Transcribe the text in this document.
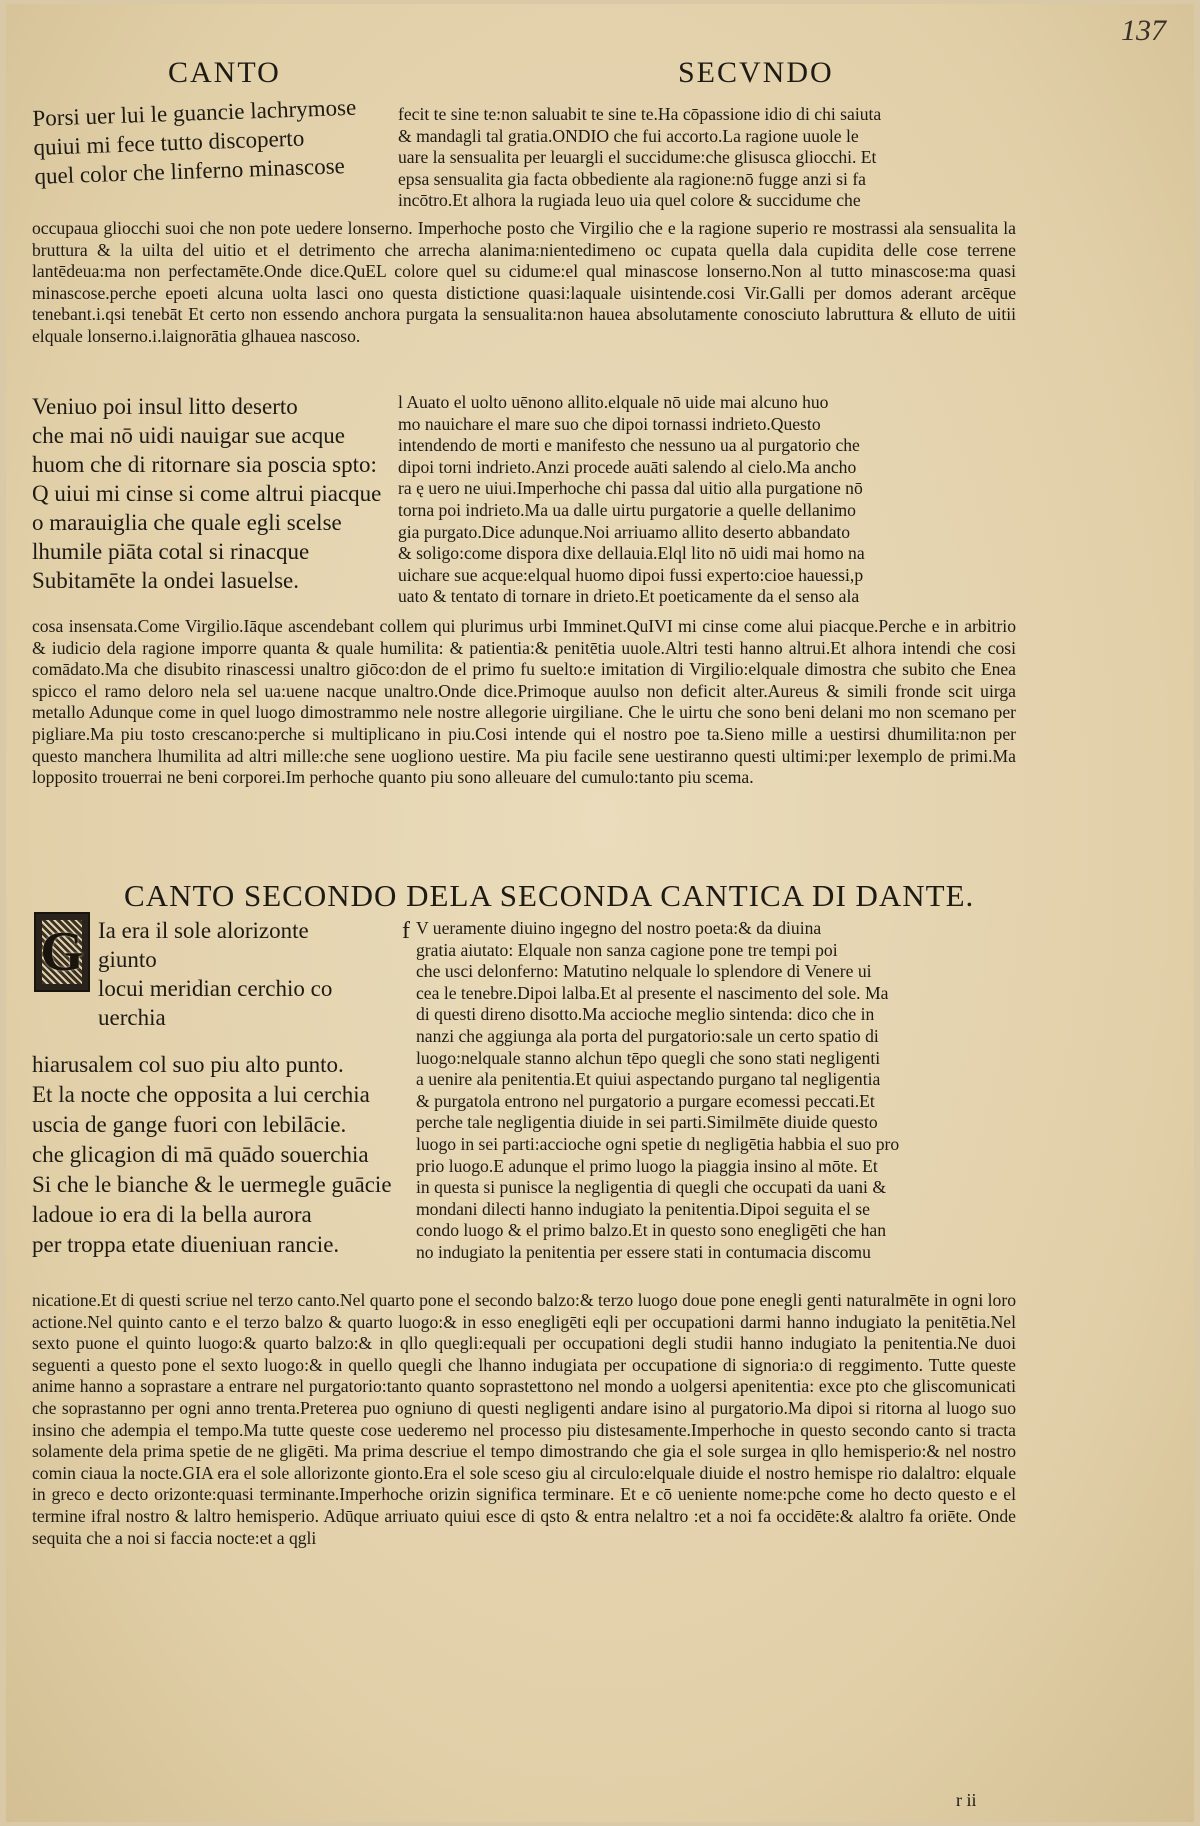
137
CANTO	SECVNDO
Porsi uer lui le guancie lachrymose
quiui mi fece tutto discoperto
quel color che linferno minascose

fecit te sine te:non saluabit te sine te.Ha cōpassione idio di chi saiuta

& mandagli tal gratia.ONDIO che fui accorto.La ragione uuole le

uare la sensualita per leuargli el succidume:che glisusca gliocchi. Et

epsa sensualita gia facta obbediente ala ragione:nō fugge anzi si fa

incōtro.Et alhora la rugiada leuo uia quel colore & succidume che

occupaua gliocchi suoi che non pote uedere lonserno. Imperhoche posto che Virgilio che e la ragione superio re mostrassi ala sensualita la bruttura & la uilta del uitio et el detrimento che arrecha alanima:nientedimeno oc cupata quella dala cupidita delle cose terrene lantēdeua:ma non perfectamēte.Onde dice.QuEL colore quel su cidume:el qual minascose lonserno.Non al tutto minascose:ma quasi minascose.perche epoeti alcuna uolta lasci ono questa distictione quasi:laquale uisintende.cosi Vir.Galli per domos aderant arcēque tenebant.i.qsi tenebāt Et certo non essendo anchora purgata la sensualita:non hauea absolutamente conosciuto labruttura & elluto de uitii elquale lonserno.i.laignorātia glhauea nascoso.

Veniuo poi insul litto deserto
che mai nō uidi nauigar sue acque
huom che di ritornare sia poscia spto:
Q uiui mi cinse si come altrui piacque
o marauiglia che quale egli scelse
lhumile piāta cotal si rinacque
Subitamēte la ondei lasuelse.

l Auato el uolto uēnono allito.elquale nō uide mai alcuno huo

mo nauichare el mare suo che dipoi tornassi indrieto.Questo

intendendo de morti e manifesto che nessuno ua al purgatorio che

dipoi torni indrieto.Anzi procede auāti salendo al cielo.Ma ancho

ra ę uero ne uiui.Imperhoche chi passa dal uitio alla purgatione nō

torna poi indrieto.Ma ua dalle uirtu purgatorie a quelle dellanimo

gia purgato.Dice adunque.Noi arriuamo allito deserto abbandato

& soligo:come dispora dixe dellauia.Elql lito nō uidi mai homo na

uichare sue acque:elqual huomo dipoi fussi experto:cioe hauessi,p

uato & tentato di tornare in drieto.Et poeticamente da el senso ala

cosa insensata.Come Virgilio.Iāque ascendebant collem qui plurimus urbi Imminet.QuIVI mi cinse come alui piacque.Perche e in arbitrio & iudicio dela ragione imporre quanta & quale humilita: & patientia:& penitētia uuole.Altri testi hanno altrui.Et alhora intendi che cosi comādato.Ma che disubito rinascessi unaltro giōco:don de el primo fu suelto:e imitation di Virgilio:elquale dimostra che subito che Enea spicco el ramo deloro nela sel ua:uene nacque unaltro.Onde dice.Primoque auulso non deficit alter.Aureus & simili fronde scit uirga metallo Adunque come in quel luogo dimostrammo nele nostre allegorie uirgiliane. Che le uirtu che sono beni delani mo non scemano per pigliare.Ma piu tosto crescano:perche si multiplicano in piu.Cosi intende qui el nostro poe ta.Sieno mille a uestirsi dhumilita:non per questo manchera lhumilita ad altri mille:che sene uogliono uestire. Ma piu facile sene uestiranno questi ultimi:per lexemplo de primi.Ma lopposito trouerrai ne beni corporei.Im perhoche quanto piu sono alleuare del cumulo:tanto piu scema.

CANTO SECONDO DELA SECONDA CANTICA DI DANTE.
G Ia era il sole alorizonte
giunto
locui meridian cerchio co
uerchia
hiarusalem col suo piu alto punto.
Et la nocte che opposita a lui cerchia
uscia de gange fuori con lebilācie.
che glicagion di mā quādo souerchia
Si che le bianche & le uermegle guācie
ladoue io era di la bella aurora
per troppa etate diueniuan rancie.
f V ueramente diuino ingegno del nostro poeta:& da diuina

gratia aiutato: Elquale non sanza cagione pone tre tempi poi

che usci delonferno: Matutino nelquale lo splendore di Venere ui

cea le tenebre.Dipoi lalba.Et al presente el nascimento del sole. Ma

di questi direno disotto.Ma accioche meglio sintenda: dico che in

nanzi che aggiunga ala porta del purgatorio:sale un certo spatio di

luogo:nelquale stanno alchun tēpo quegli che sono stati negligenti

a uenire ala penitentia.Et quiui aspectando purgano tal negligentia

& purgatola entrono nel purgatorio a purgare ecomessi peccati.Et

perche tale negligentia diuide in sei parti.Similmēte diuide questo

luogo in sei parti:accioche ogni spetie dı negligētia habbia el suo pro

prio luogo.E adunque el primo luogo la piaggia insino al mōte. Et

in questa si punisce la negligentia di quegli che occupati da uani &

mondani dilecti hanno indugiato la penitentia.Dipoi seguita el se

condo luogo & el primo balzo.Et in questo sono enegligēti che han

no indugiato la penitentia per essere stati in contumacia discomu

nicatione.Et di questi scriue nel terzo canto.Nel quarto pone el secondo balzo:& terzo luogo doue pone enegli genti naturalmēte in ogni loro actione.Nel quinto canto e el terzo balzo & quarto luogo:& in esso enegligēti eqli per occupationi darmi hanno indugiato la penitētia.Nel sexto puone el quinto luogo:& quarto balzo:& in qllo quegli:equali per occupationi degli studii hanno indugiato la penitentia.Ne duoi seguenti a questo pone el sexto luogo:& in quello quegli che lhanno indugiata per occupatione di signoria:o di reggimento. Tutte queste anime hanno a soprastare a entrare nel purgatorio:tanto quanto soprastettono nel mondo a uolgersi apenitentia: exce pto che gliscomunicati che soprastanno per ogni anno trenta.Preterea puo ogniuno di questi negligenti andare isino al purgatorio.Ma dipoi si ritorna al luogo suo insino che adempia el tempo.Ma tutte queste cose uederemo nel processo piu distesamente.Imperhoche in questo secondo canto si tracta solamente dela prima spetie de ne gligēti. Ma prima descriue el tempo dimostrando che gia el sole surgea in qllo hemisperio:& nel nostro comin ciaua la nocte.GIA era el sole allorizonte gionto.Era el sole sceso giu al circulo:elquale diuide el nostro hemispe rio dalaltro: elquale in greco e decto orizonte:quasi terminante.Imperhoche orizin significa terminare. Et e cō ueniente nome:pche come ho decto questo e el termine ifral nostro & laltro hemisperio. Adūque arriuato quiui esce di qsto & entra nelaltro :et a noi fa occidēte:& alaltro fa oriēte. Onde sequita che a noi si faccia nocte:et a qgli

r ii
